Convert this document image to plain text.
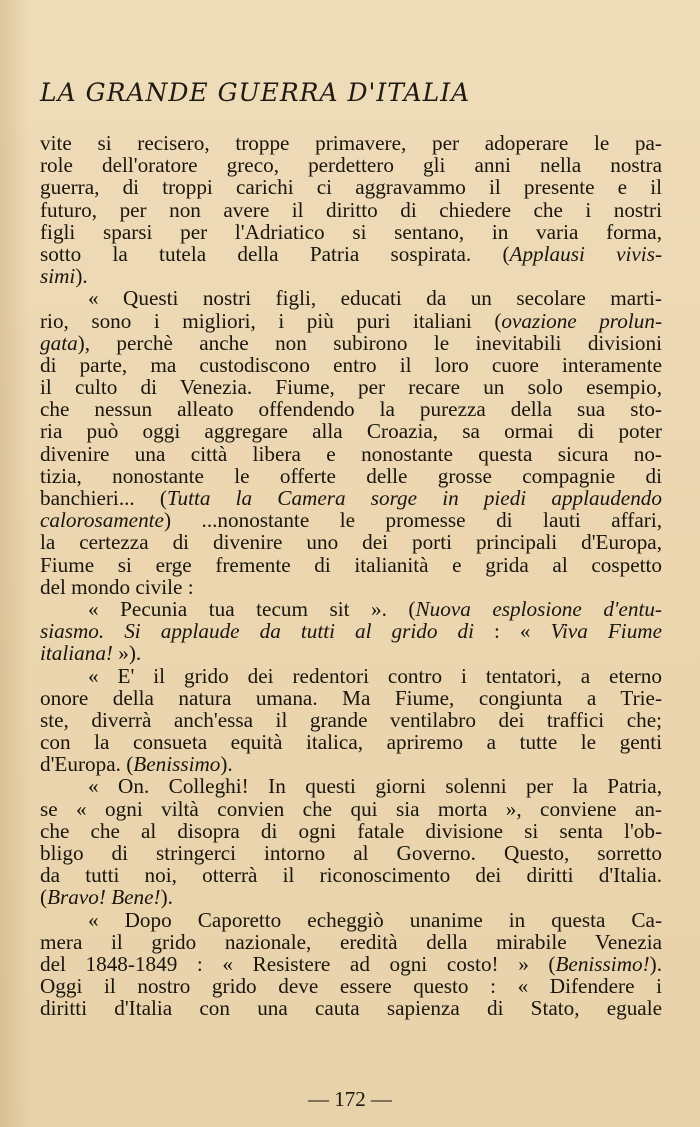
LA GRANDE GUERRA D'ITALIA
vite si recisero, troppe primavere, per adoperare le pa-
role dell'oratore greco, perdettero gli anni nella nostra
guerra, di troppi carichi ci aggravammo il presente e il
futuro, per non avere il diritto di chiedere che i nostri
figli sparsi per l'Adriatico si sentano, in varia forma,
sotto la tutela della Patria sospirata. (Applausi vivis-
simi).
« Questi nostri figli, educati da un secolare marti-
rio, sono i migliori, i più puri italiani (ovazione prolun-
gata), perchè anche non subirono le inevitabili divisioni
di parte, ma custodiscono entro il loro cuore interamente
il culto di Venezia. Fiume, per recare un solo esempio,
che nessun alleato offendendo la purezza della sua sto-
ria può oggi aggregare alla Croazia, sa ormai di poter
divenire una città libera e nonostante questa sicura no-
tizia, nonostante le offerte delle grosse compagnie di
banchieri... (Tutta la Camera sorge in piedi applaudendo
calorosamente) ...nonostante le promesse di lauti affari,
la certezza di divenire uno dei porti principali d'Europa,
Fiume si erge fremente di italianità e grida al cospetto
del mondo civile :
« Pecunia tua tecum sit ». (Nuova esplosione d'entu-
siasmo. Si applaude da tutti al grido di : « Viva Fiume
italiana! »).
« E' il grido dei redentori contro i tentatori, a eterno
onore della natura umana. Ma Fiume, congiunta a Trie-
ste, diverrà anch'essa il grande ventilabro dei traffici che;
con la consueta equità italica, apriremo a tutte le genti
d'Europa. (Benissimo).
« On. Colleghi! In questi giorni solenni per la Patria,
se « ogni viltà convien che qui sia morta », conviene an-
che che al disopra di ogni fatale divisione si senta l'ob-
bligo di stringerci intorno al Governo. Questo, sorretto
da tutti noi, otterrà il riconoscimento dei diritti d'Italia.
(Bravo! Bene!).
« Dopo Caporetto echeggiò unanime in questa Ca-
mera il grido nazionale, eredità della mirabile Venezia
del 1848-1849 : « Resistere ad ogni costo! » (Benissimo!).
Oggi il nostro grido deve essere questo : « Difendere i
diritti d'Italia con una cauta sapienza di Stato, eguale
— 172 —
